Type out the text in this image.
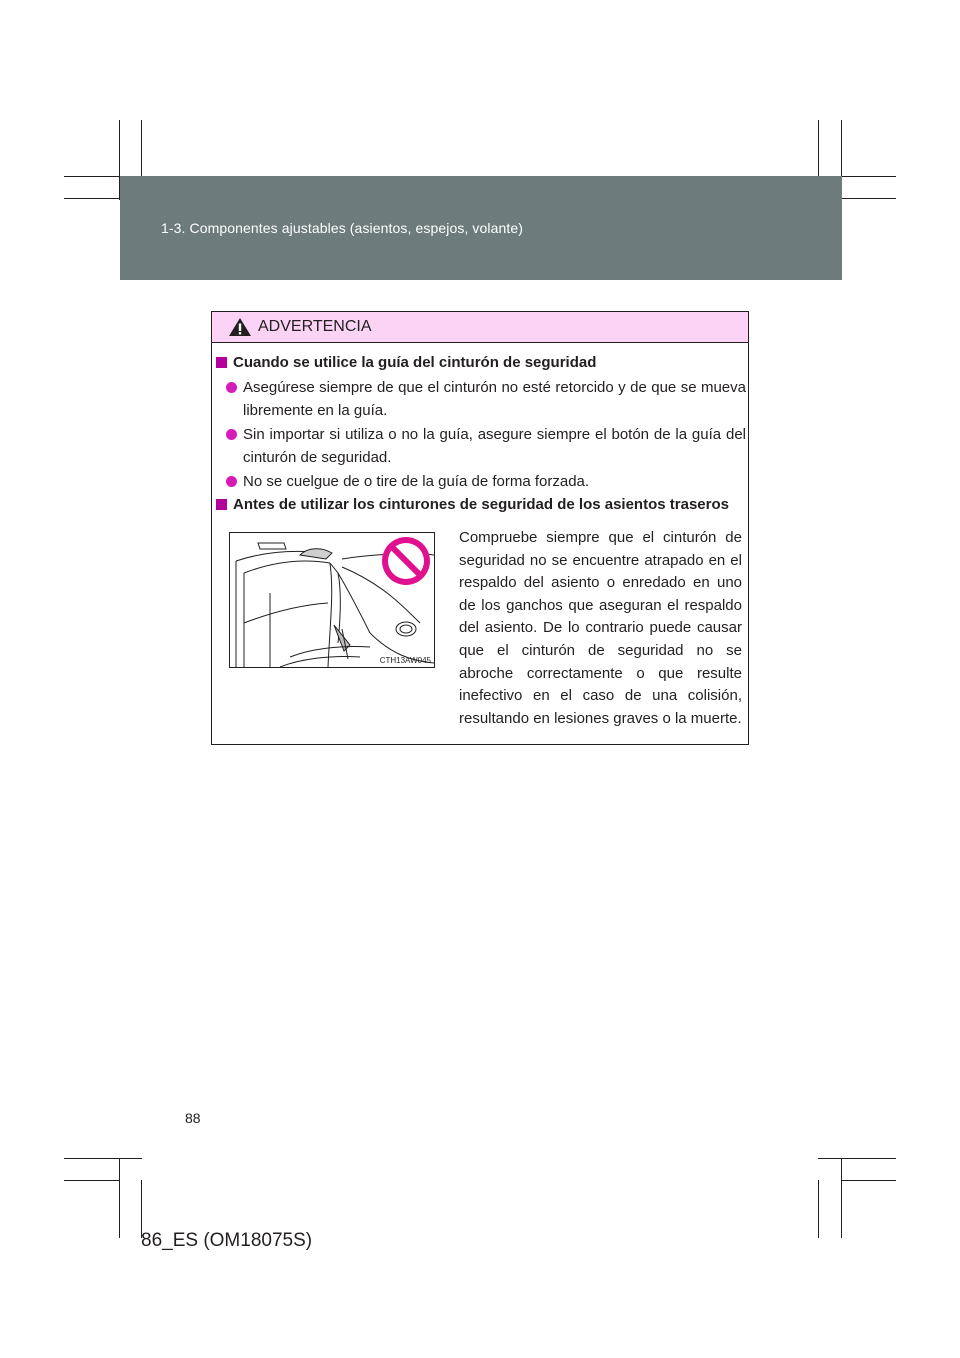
1-3. Componentes ajustables (asientos, espejos, volante)
ADVERTENCIA
Cuando se utilice la guía del cinturón de seguridad
Asegúrese siempre de que el cinturón no esté retorcido y de que se mueva libremente en la guía.
Sin importar si utiliza o no la guía, asegure siempre el botón de la guía del cinturón de seguridad.
No se cuelgue de o tire de la guía de forma forzada.
Antes de utilizar los cinturones de seguridad de los asientos traseros
CTH13AW045
Compruebe siempre que el cinturón de seguridad no se encuentre atrapado en el respaldo del asiento o enredado en uno de los ganchos que aseguran el respaldo del asiento. De lo contrario puede causar que el cinturón de seguridad no se abroche correctamente o que resulte inefectivo en el caso de una colisión, resultando en lesiones graves o la muerte.
88
86_ES (OM18075S)
